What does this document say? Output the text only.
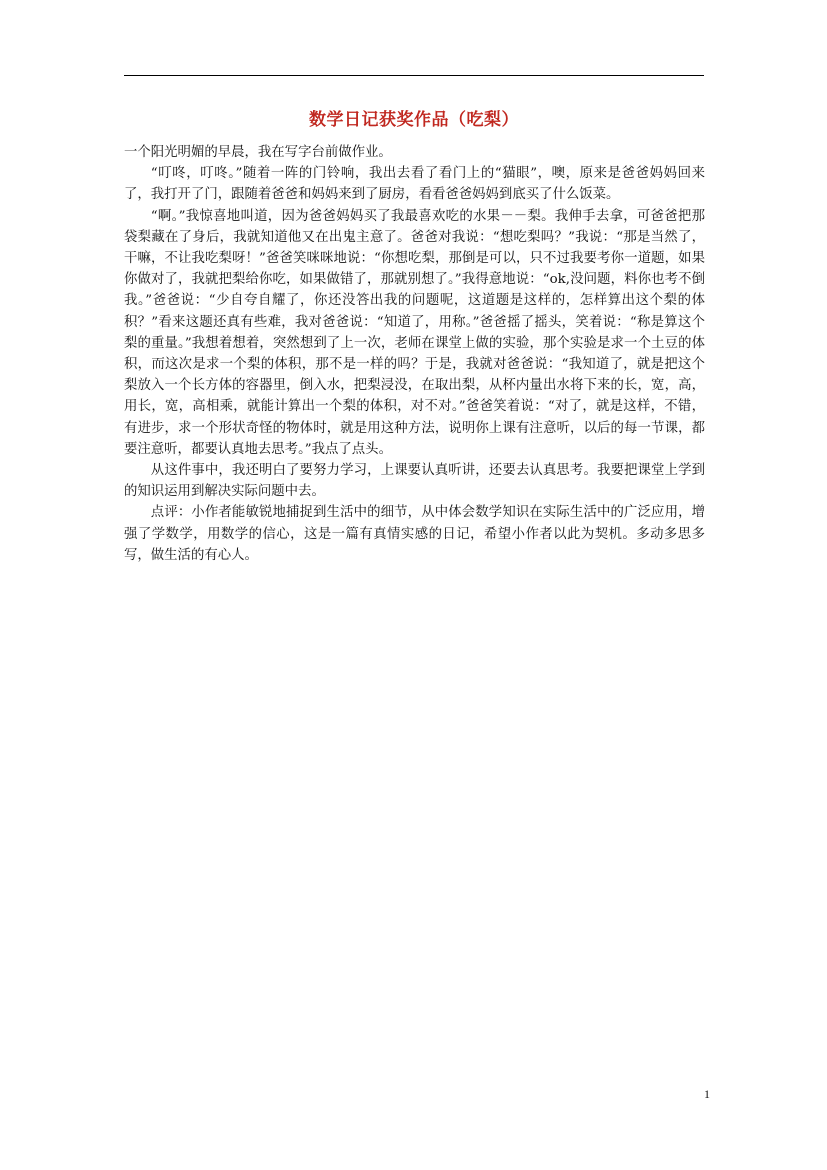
数学日记获奖作品（吃梨）

一个阳光明媚的早晨，我在写字台前做作业。

“叮咚，叮咚。”随着一阵的门铃响，我出去看了看门上的“猫眼”，噢，原来是爸爸妈妈回来了，我打开了门，跟随着爸爸和妈妈来到了厨房，看看爸爸妈妈到底买了什么饭菜。

“啊。”我惊喜地叫道，因为爸爸妈妈买了我最喜欢吃的水果－－梨。我伸手去拿，可爸爸把那袋梨藏在了身后，我就知道他又在出鬼主意了。爸爸对我说：“想吃梨吗？”我说：“那是当然了，干嘛，不让我吃梨呀！”爸爸笑咪咪地说：“你想吃梨，那倒是可以，只不过我要考你一道题，如果你做对了，我就把梨给你吃，如果做错了，那就别想了。”我得意地说：“ok,没问题，料你也考不倒我。”爸爸说：“少自夸自耀了，你还没答出我的问题呢，这道题是这样的，怎样算出这个梨的体积？”看来这题还真有些难，我对爸爸说：“知道了，用称。”爸爸摇了摇头，笑着说：“称是算这个梨的重量。”我想着想着，突然想到了上一次，老师在课堂上做的实验，那个实验是求一个土豆的体积，而这次是求一个梨的体积，那不是一样的吗？于是，我就对爸爸说：“我知道了，就是把这个梨放入一个长方体的容器里，倒入水，把梨浸没，在取出梨，从杯内量出水将下来的长，宽，高，用长，宽，高相乘，就能计算出一个梨的体积，对不对。”爸爸笑着说：“对了，就是这样，不错，有进步，求一个形状奇怪的物体时，就是用这种方法，说明你上课有注意听，以后的每一节课，都要注意听，都要认真地去思考。”我点了点头。

从这件事中，我还明白了要努力学习，上课要认真听讲，还要去认真思考。我要把课堂上学到的知识运用到解决实际问题中去。

点评：小作者能敏锐地捕捉到生活中的细节，从中体会数学知识在实际生活中的广泛应用，增强了学数学，用数学的信心，这是一篇有真情实感的日记，希望小作者以此为契机。多动多思多写，做生活的有心人。

1
